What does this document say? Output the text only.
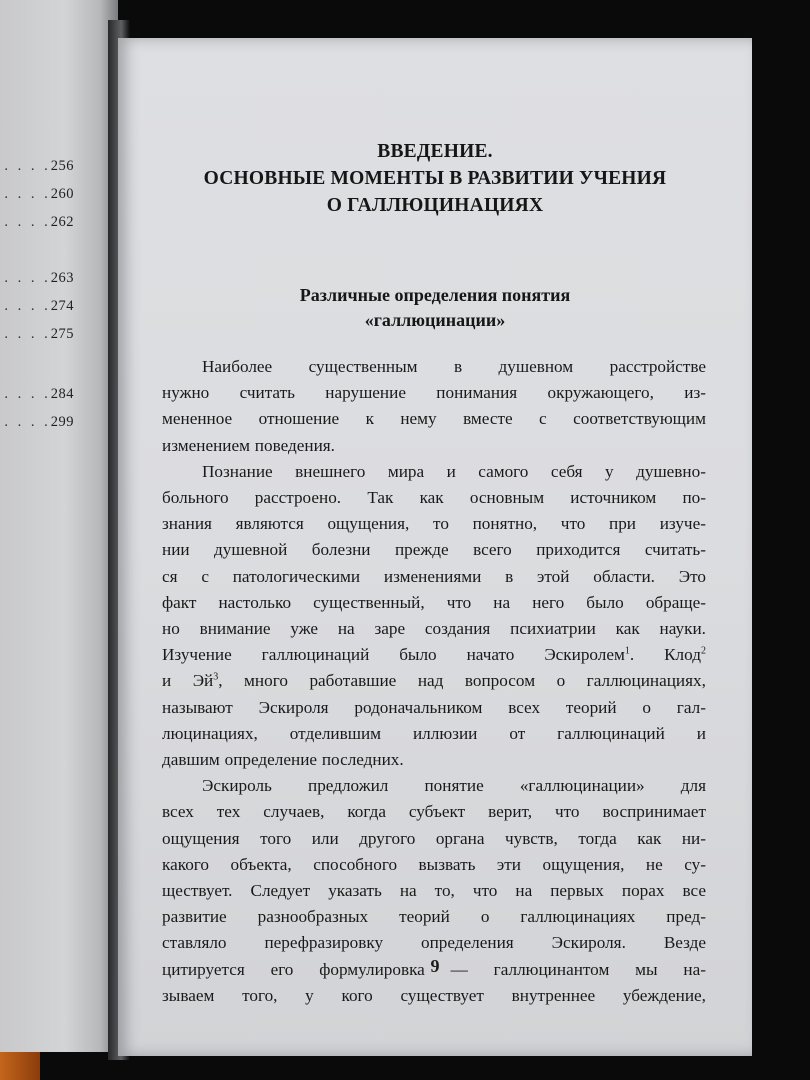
. . . .256
. . . .260
. . . .262
. . . .263
. . . .274
. . . .275
. . . .284
. . . .299
ВВЕДЕНИЕ.
ОСНОВНЫЕ МОМЕНТЫ В РАЗВИТИИ УЧЕНИЯ
О ГАЛЛЮЦИНАЦИЯХ
Различные определения понятия
«галлюцинации»
Наиболее существенным в душевном расстройстве
нужно считать нарушение понимания окружающего, из-
мененное отношение к нему вместе с соответствующим
изменением поведения.
Познание внешнего мира и самого себя у душевно-
больного расстроено. Так как основным источником по-
знания являются ощущения, то понятно, что при изуче-
нии душевной болезни прежде всего приходится считать-
ся с патологическими изменениями в этой области. Это
факт настолько существенный, что на него было обраще-
но внимание уже на заре создания психиатрии как науки.
Изучение галлюцинаций было начато Эскиролем$^1$. Клод$^2$
и $Эй^3$, много работавшие над вопросом о галлюцинациях,
называют Эскироля родоначальником всех теорий о гал-
люцинациях, отделившим иллюзии от галлюцинаций и
давшим определение последних.
Эскироль предложил понятие «галлюцинации» для
всех тех случаев, когда субъект верит, что воспринимает
ощущения того или другого органа чувств, тогда как ни-
какого объекта, способного вызвать эти ощущения, не су-
ществует. Следует указать на то, что на первых порах все
развитие разнообразных теорий о галлюцинациях пред-
ставляло перефразировку определения Эскироля. Везде
цитируется его формулировка — галлюцинантом мы на-
зываем того, у кого существует внутреннее убеждение,
9
